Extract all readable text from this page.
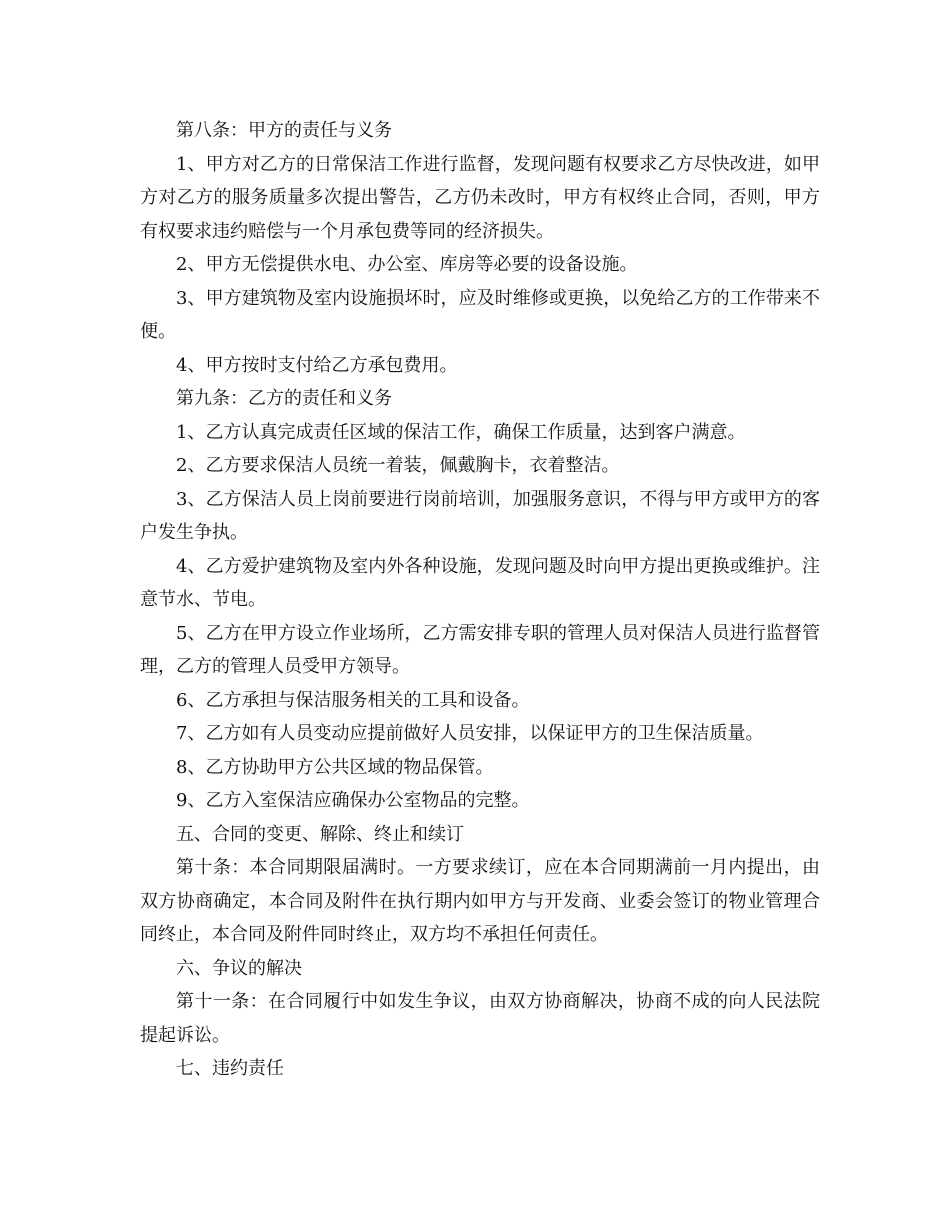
第八条：甲方的责任与义务

1、甲方对乙方的日常保洁工作进行监督，发现问题有权要求乙方尽快改进，如甲方对乙方的服务质量多次提出警告，乙方仍未改时，甲方有权终止合同，否则，甲方有权要求违约赔偿与一个月承包费等同的经济损失。

2、甲方无偿提供水电、办公室、库房等必要的设备设施。

3、甲方建筑物及室内设施损坏时，应及时维修或更换，以免给乙方的工作带来不便。

4、甲方按时支付给乙方承包费用。

第九条：乙方的责任和义务

1、乙方认真完成责任区域的保洁工作，确保工作质量，达到客户满意。

2、乙方要求保洁人员统一着装，佩戴胸卡，衣着整洁。

3、乙方保洁人员上岗前要进行岗前培训，加强服务意识，不得与甲方或甲方的客户发生争执。

4、乙方爱护建筑物及室内外各种设施，发现问题及时向甲方提出更换或维护。注意节水、节电。

5、乙方在甲方设立作业场所，乙方需安排专职的管理人员对保洁人员进行监督管理，乙方的管理人员受甲方领导。

6、乙方承担与保洁服务相关的工具和设备。

7、乙方如有人员变动应提前做好人员安排，以保证甲方的卫生保洁质量。

8、乙方协助甲方公共区域的物品保管。

9、乙方入室保洁应确保办公室物品的完整。

五、合同的变更、解除、终止和续订

第十条：本合同期限届满时。一方要求续订，应在本合同期满前一月内提出，由双方协商确定，本合同及附件在执行期内如甲方与开发商、业委会签订的物业管理合同终止，本合同及附件同时终止，双方均不承担任何责任。

六、争议的解决

第十一条：在合同履行中如发生争议，由双方协商解决，协商不成的向人民法院提起诉讼。

七、违约责任
